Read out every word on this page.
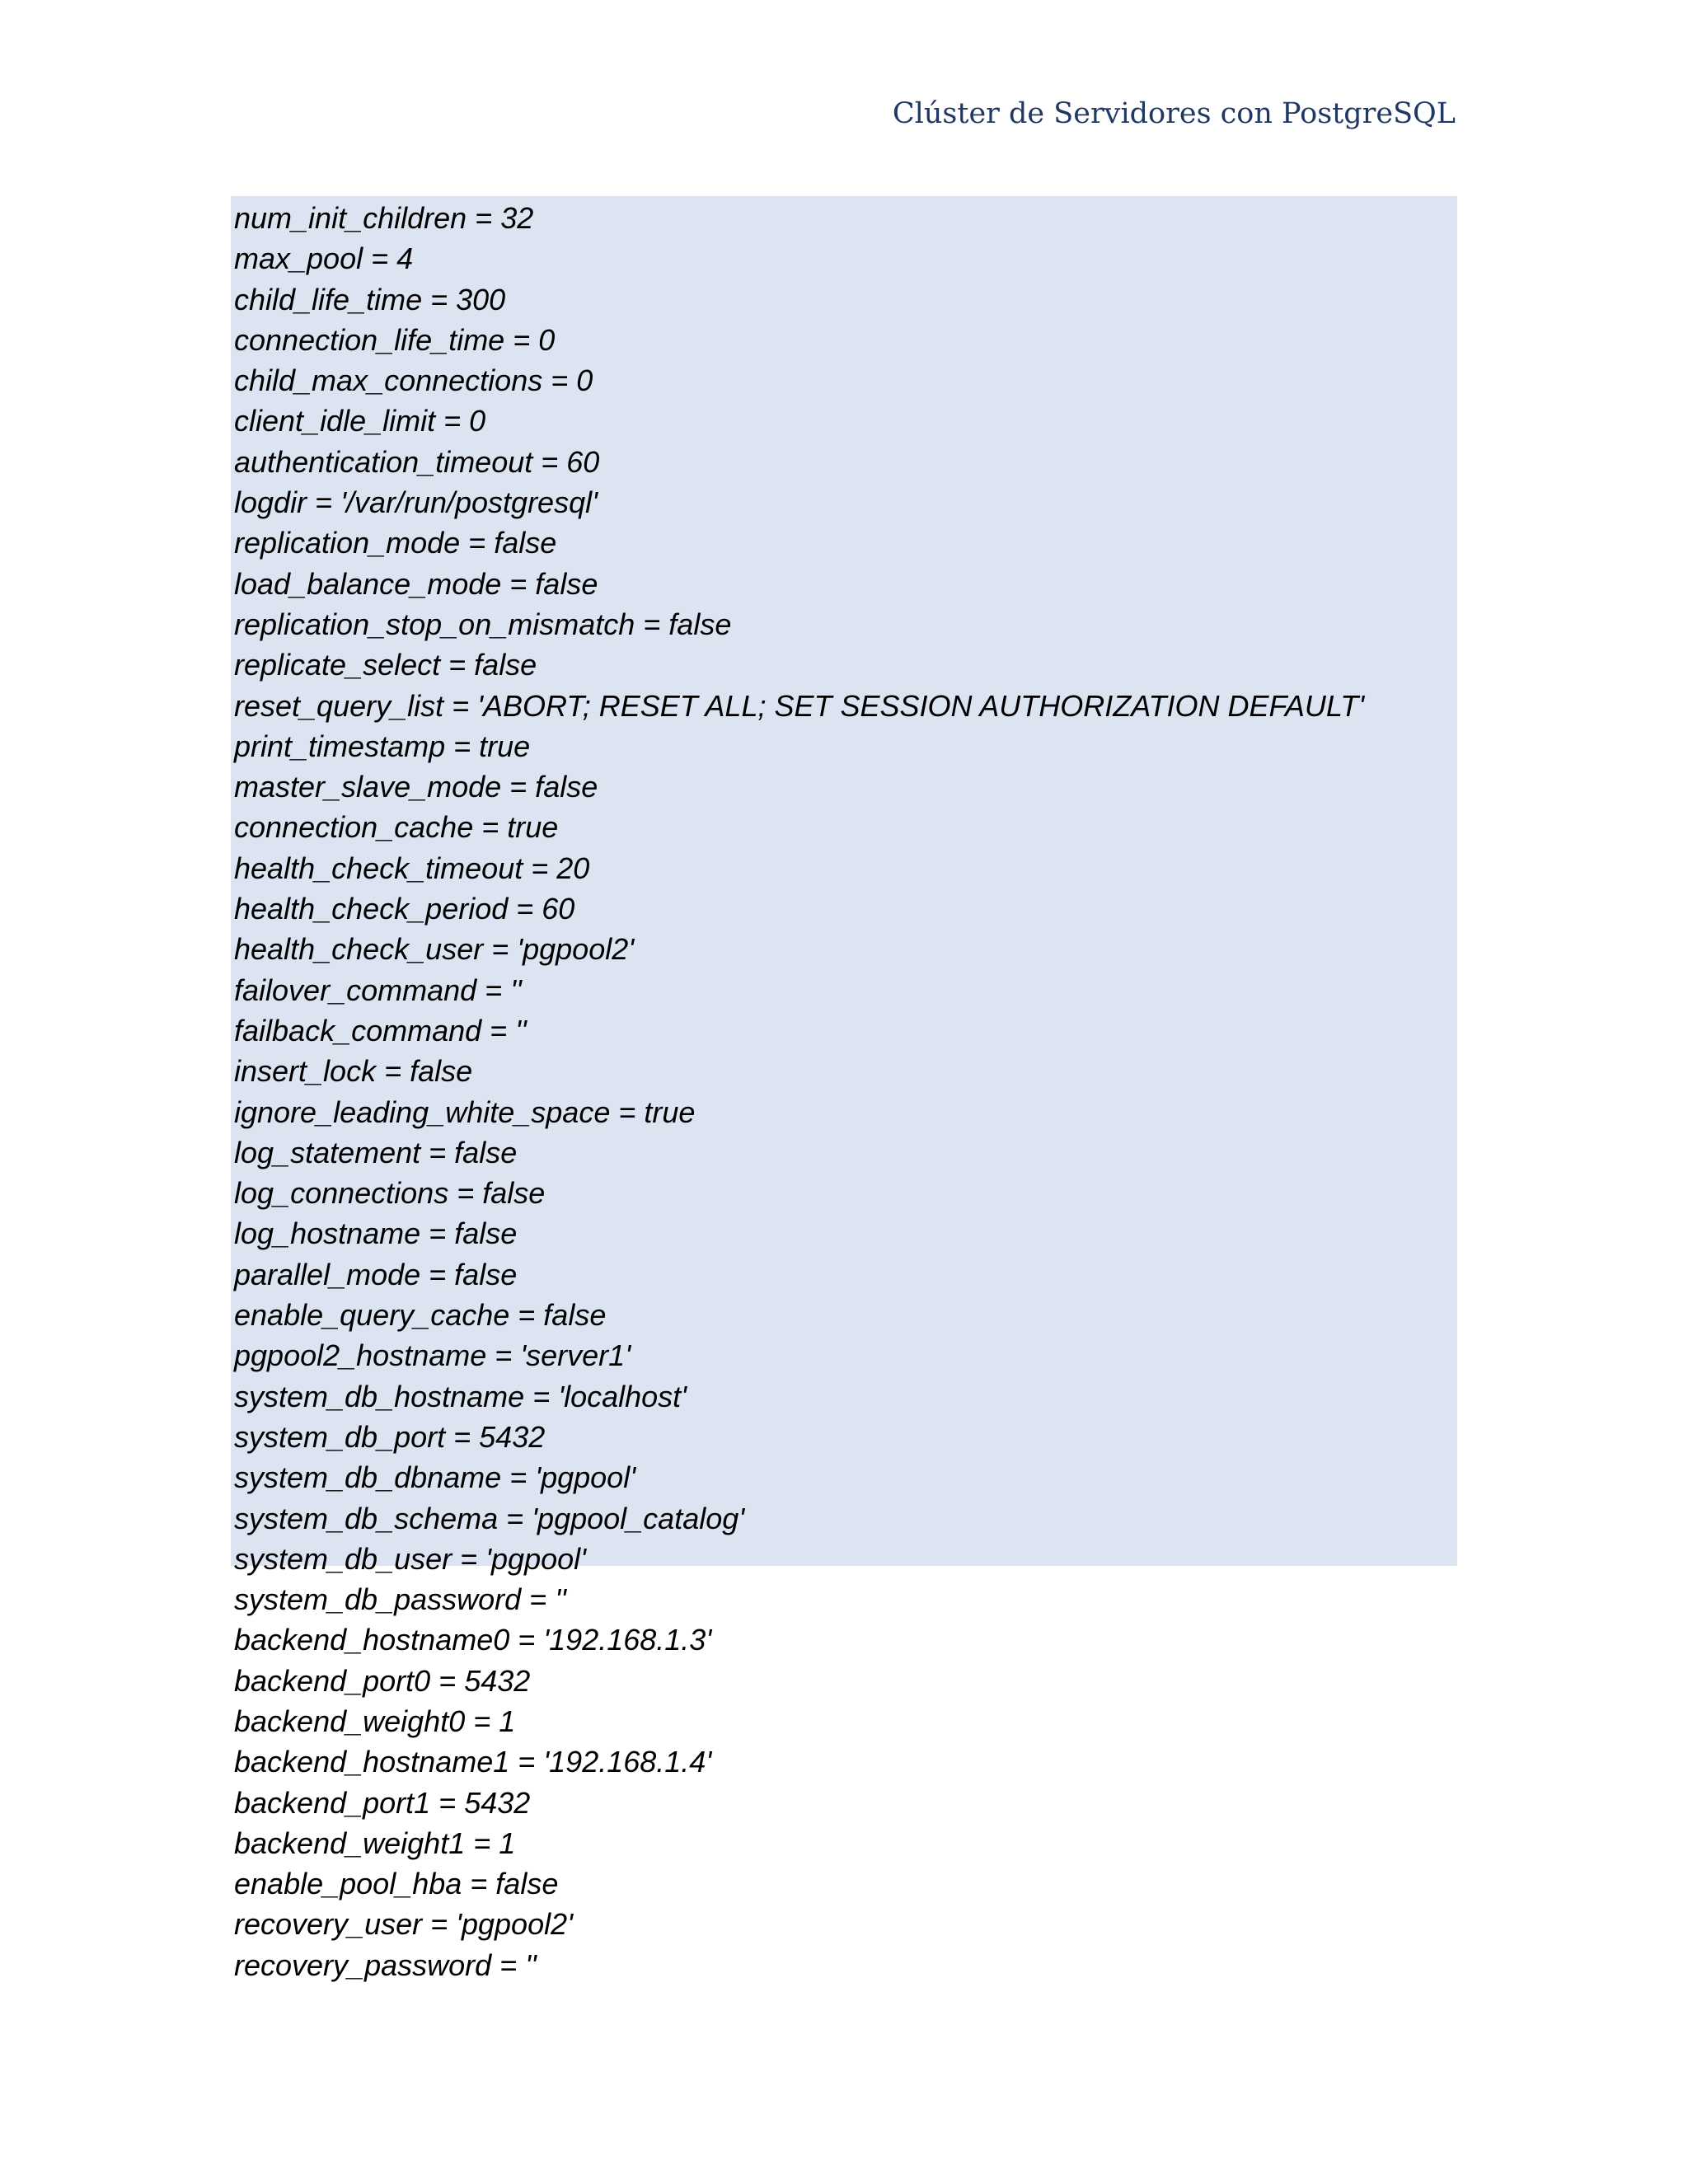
Clúster de Servidores con PostgreSQL
num_init_children = 32
max_pool = 4
child_life_time = 300
connection_life_time = 0
child_max_connections = 0
client_idle_limit = 0
authentication_timeout = 60
logdir = '/var/run/postgresql'
replication_mode = false
load_balance_mode = false
replication_stop_on_mismatch = false
replicate_select = false
reset_query_list = 'ABORT; RESET ALL; SET SESSION AUTHORIZATION DEFAULT'
print_timestamp = true
master_slave_mode = false
connection_cache = true
health_check_timeout = 20
health_check_period = 60
health_check_user = 'pgpool2'
failover_command = ''
failback_command = ''
insert_lock = false
ignore_leading_white_space = true
log_statement = false
log_connections = false
log_hostname = false
parallel_mode = false
enable_query_cache = false
pgpool2_hostname = 'server1'
system_db_hostname = 'localhost'
system_db_port = 5432
system_db_dbname = 'pgpool'
system_db_schema = 'pgpool_catalog'
system_db_user = 'pgpool'
system_db_password = ''
backend_hostname0 = '192.168.1.3'
backend_port0 = 5432
backend_weight0 = 1
backend_hostname1 = '192.168.1.4'
backend_port1 = 5432
backend_weight1 = 1
enable_pool_hba = false
recovery_user = 'pgpool2'
recovery_password = ''
